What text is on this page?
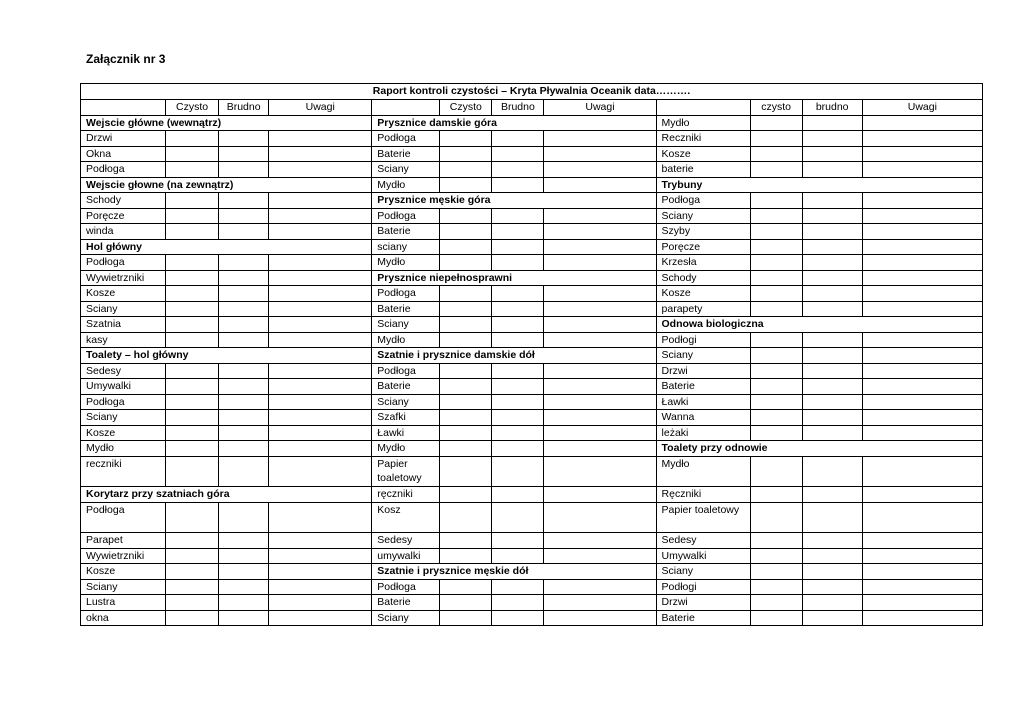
Załącznik nr 3
Raport kontroli czystości – Kryta Pływalnia Oceanik data……….											
	Czysto	Brudno	Uwagi		Czysto	Brudno	Uwagi		czysto	brudno	Uwagi
Wejscie główne (wewnątrz)				Prysznice damskie góra				Mydło			
Drzwi				Podłoga				Reczniki			
Okna				Baterie				Kosze			
Podłoga				Sciany				baterie			
Wejscie głowne (na zewnątrz)				Mydło				Trybuny			
Schody				Prysznice męskie góra				Podłoga			
Poręcze				Podłoga				Sciany			
winda				Baterie				Szyby			
Hol główny				sciany				Poręcze			
Podłoga				Mydło				Krzesła			
Wywietrzniki				Prysznice niepełnosprawni				Schody			
Kosze				Podłoga				Kosze			
Sciany				Baterie				parapety			
Szatnia				Sciany				Odnowa biologiczna			
kasy				Mydło				Podłogi			
Toalety – hol główny				Szatnie i prysznice damskie dół				Sciany			
Sedesy				Podłoga				Drzwi			
Umywalki				Baterie				Baterie			
Podłoga				Sciany				Ławki			
Sciany				Szafki				Wanna			
Kosze				Ławki				leżaki			
Mydło				Mydło				Toalety przy odnowie			
reczniki				Papier toaletowy				Mydło			
Korytarz przy szatniach góra				ręczniki				Ręczniki			
Podłoga				Kosz				Papier toaletowy			
Parapet				Sedesy				Sedesy			
Wywietrzniki				umywalki				Umywalki			
Kosze				Szatnie i prysznice męskie dół				Sciany			
Sciany				Podłoga				Podłogi			
Lustra				Baterie				Drzwi			
okna				Sciany				Baterie			
